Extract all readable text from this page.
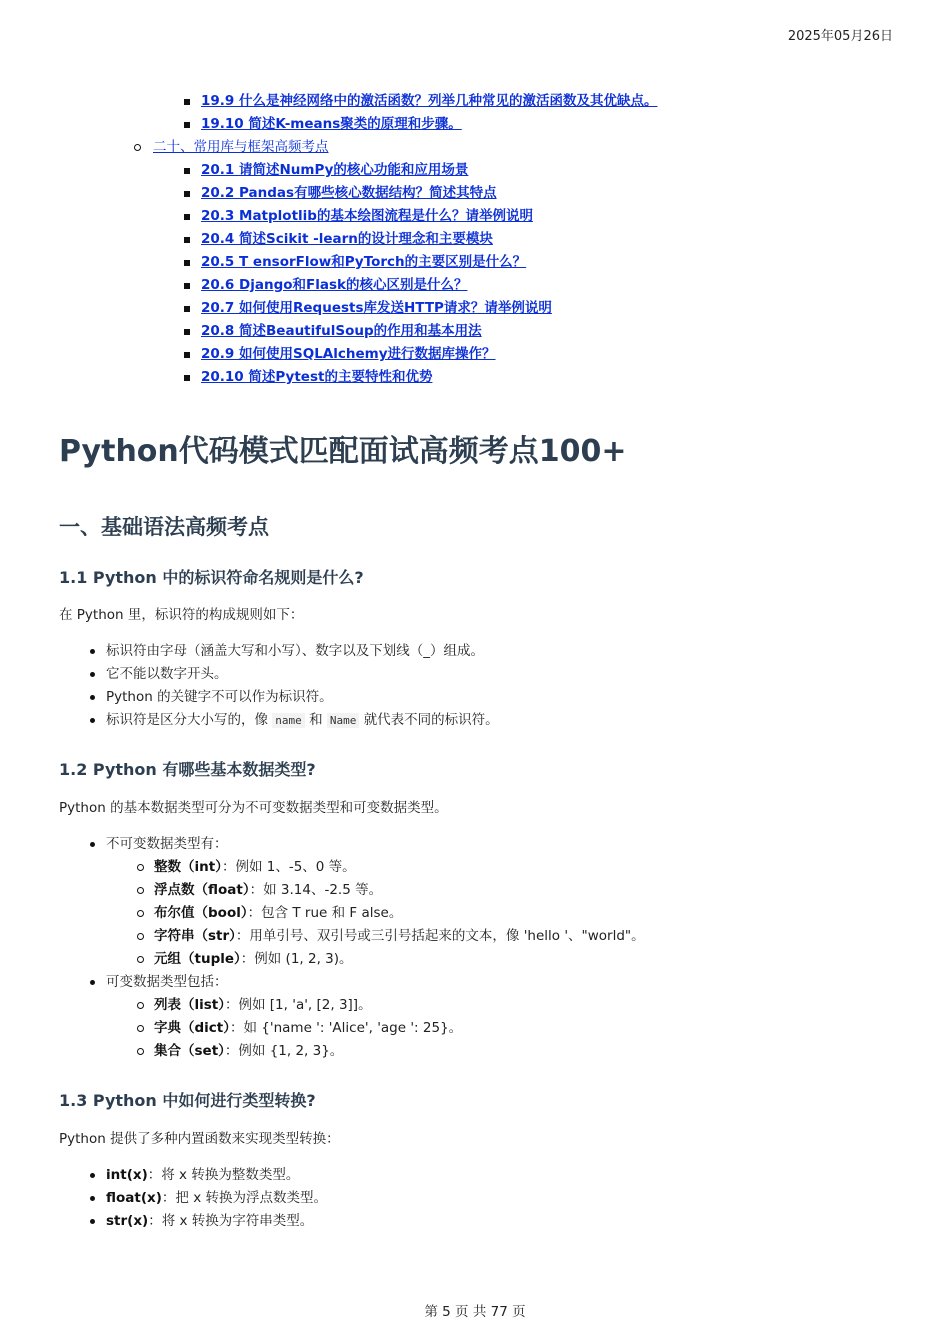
2025年05月26日
19.9 什么是神经网络中的激活函数？列举几种常见的激活函数及其优缺点。
19.10 简述K-means聚类的原理和步骤。
二十、常用库与框架高频考点
20.1 请简述NumPy的核心功能和应用场景
20.2 Pandas有哪些核心数据结构？简述其特点
20.3 Matplotlib的基本绘图流程是什么？请举例说明
20.4 简述Scikit -learn的设计理念和主要模块
20.5 T ensorFlow和PyTorch的主要区别是什么？
20.6 Django和Flask的核心区别是什么？
20.7 如何使用Requests库发送HTTP请求？请举例说明
20.8 简述BeautifulSoup的作用和基本用法
20.9 如何使用SQLAlchemy进行数据库操作？
20.10 简述Pytest的主要特性和优势
Python代码模式匹配面试高频考点100+
一、基础语法高频考点
1.1 Python 中的标识符命名规则是什么?

在 Python 里，标识符的构成规则如下：

标识符由字母（涵盖大写和小写）、数字以及下划线（_）组成。
它不能以数字开头。
Python 的关键字不可以作为标识符。
标识符是区分大小写的，像 name 和 Name 就代表不同的标识符。
1.2 Python 有哪些基本数据类型?

Python 的基本数据类型可分为不可变数据类型和可变数据类型。

不可变数据类型有：
整数（int）：例如 1、-5、0 等。
浮点数（float）：如 3.14、-2.5 等。
布尔值（bool）：包含 T rue 和 F alse。
字符串（str）：用单引号、双引号或三引号括起来的文本，像 'hello '、"world"。
元组（tuple）：例如 (1, 2, 3)。
可变数据类型包括：
列表（list）：例如 [1, 'a', [2, 3]]。
字典（dict）：如 {'name ': 'Alice', 'age ': 25}。
集合（set）：例如 {1, 2, 3}。
1.3 Python 中如何进行类型转换?

Python 提供了多种内置函数来实现类型转换：

int(x)：将 x 转换为整数类型。
float(x)：把 x 转换为浮点数类型。
str(x)：将 x 转换为字符串类型。
第 5 页 共 77 页
